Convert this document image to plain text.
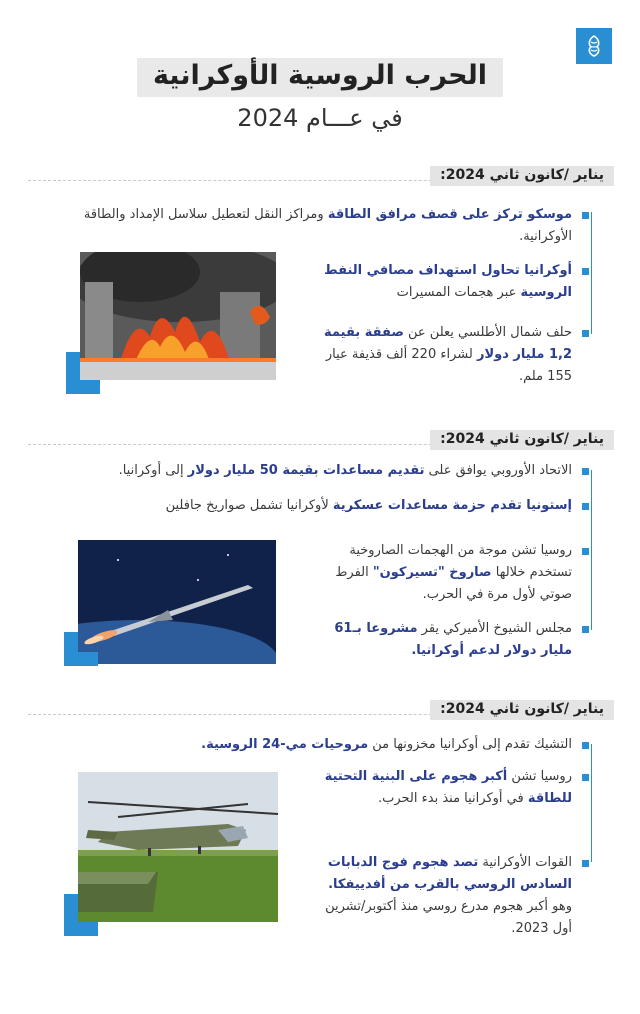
الحرب الروسية الأوكرانية
في عـــام 2024
يناير /كانون ثاني 2024:
موسكو تركز على قصف مرافق الطاقة ومراكز النقل لتعطيل سلاسل الإمداد والطاقة الأوكرانية.
أوكرانيا تحاول استهداف مصافي النفط الروسية عبر هجمات المسيرات
حلف شمال الأطلسي يعلن عن صفقة بقيمة 1,2 مليار دولار لشراء 220 ألف قذيفة عيار 155 ملم.
يناير /كانون ثاني 2024:
الاتحاد الأوروبي يوافق على تقديم مساعدات بقيمة 50 مليار دولار إلى أوكرانيا.
إستونيا تقدم حزمة مساعدات عسكرية لأوكرانيا تشمل صواريخ جافلين
روسيا تشن موجة من الهجمات الصاروخية تستخدم خلالها صاروخ "تسيركون" الفرط صوتي لأول مرة في الحرب.
مجلس الشيوخ الأميركي يقر مشروعا بـ61 مليار دولار لدعم أوكرانيا.
يناير /كانون ثاني 2024:
التشيك تقدم إلى أوكرانيا مخزونها من مروحيات مي-24 الروسية.
روسيا تشن أكبر هجوم على البنية التحتية للطاقة في أوكرانيا منذ بدء الحرب.
القوات الأوكرانية تصد هجوم فوج الدبابات السادس الروسي بالقرب من أفدييفكا. وهو أكبر هجوم مدرع روسي منذ أكتوبر/تشرين أول 2023.
